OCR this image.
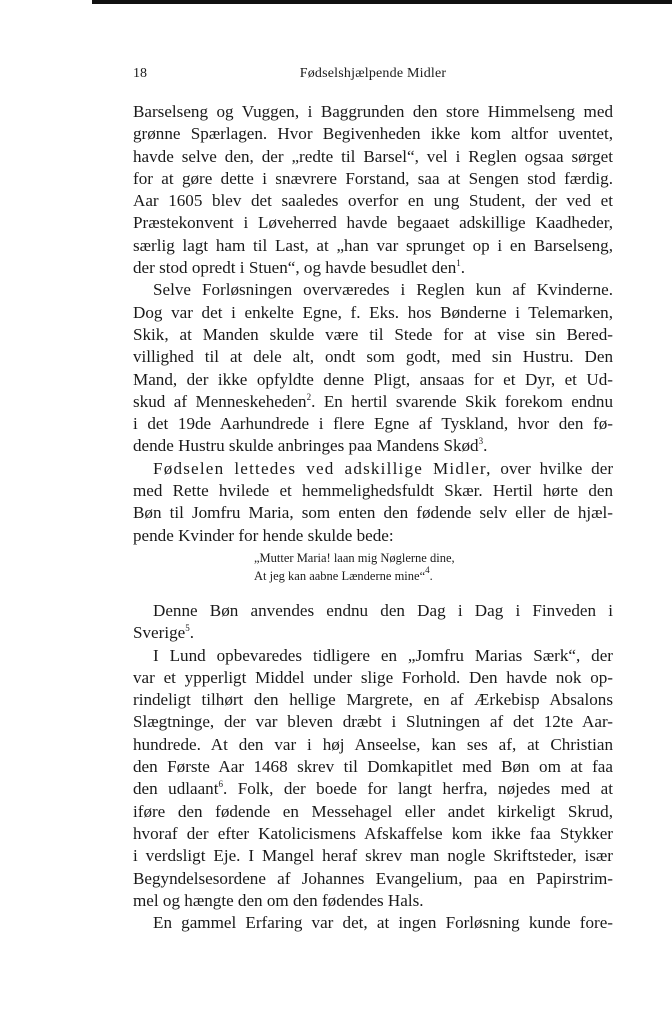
18	Fødselshjælpende Midler
Barselseng og Vuggen, i Baggrunden den store Himmelseng med
grønne Spærlagen. Hvor Begivenheden ikke kom altfor uventet,
havde selve den, der „redte til Barsel“, vel i Reglen ogsaa sørget
for at gøre dette i snævrere Forstand, saa at Sengen stod færdig.
Aar 1605 blev det saaledes overfor en ung Student, der ved et
Præstekonvent i Løveherred havde begaaet adskillige Kaadheder,
særlig lagt ham til Last, at „han var sprunget op i en Barselseng,
der stod opredt i Stuen“, og havde besudlet den$^1$.
Selve Forløsningen overværedes i Reglen kun af Kvinderne.
Dog var det i enkelte Egne, f. Eks. hos Bønderne i Telemarken,
Skik, at Manden skulde være til Stede for at vise sin Bered-
villighed til at dele alt, ondt som godt, med sin Hustru. Den
Mand, der ikke opfyldte denne Pligt, ansaas for et Dyr, et Ud-
skud af Menneskeheden$^2$. En hertil svarende Skik forekom endnu
i det 19de Aarhundrede i flere Egne af Tyskland, hvor den fø-
dende Hustru skulde anbringes paa Mandens Skød$^3$.
Fødselen lettedes ved adskillige Midler, over hvilke der
med Rette hvilede et hemmelighedsfuldt Skær. Hertil hørte den
Bøn til Jomfru Maria, som enten den fødende selv eller de hjæl-
pende Kvinder for hende skulde bede:
„Mutter Maria! laan mig Nøglerne dine,
At jeg kan aabne Lænderne mine“$^4$.
Denne Bøn anvendes endnu den Dag i Dag i Finveden i
Sverige$^5$.
I Lund opbevaredes tidligere en „Jomfru Marias Særk“, der
var et ypperligt Middel under slige Forhold. Den havde nok op-
rindeligt tilhørt den hellige Margrete, en af Ærkebisp Absalons
Slægtninge, der var bleven dræbt i Slutningen af det 12te Aar-
hundrede. At den var i høj Anseelse, kan ses af, at Christian
den Første Aar 1468 skrev til Domkapitlet med Bøn om at faa
den udlaant$^6$. Folk, der boede for langt herfra, nøjedes med at
iføre den fødende en Messehagel eller andet kirkeligt Skrud,
hvoraf der efter Katolicismens Afskaffelse kom ikke faa Stykker
i verdsligt Eje. I Mangel heraf skrev man nogle Skriftsteder, især
Begyndelsesordene af Johannes Evangelium, paa en Papirstrim-
mel og hængte den om den fødendes Hals.
En gammel Erfaring var det, at ingen Forløsning kunde fore-
